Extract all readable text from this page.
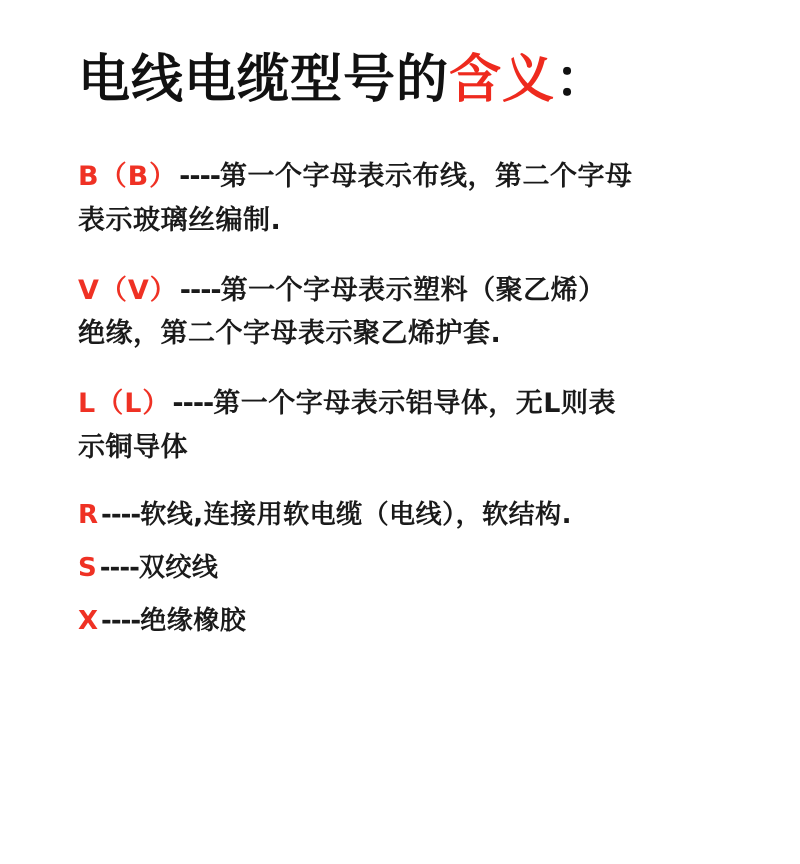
电线电缆型号的含义：
B（B）----第一个字母表示布线，第二个字母
表示玻璃丝编制.
V（V）----第一个字母表示塑料（聚乙烯）
绝缘，第二个字母表示聚乙烯护套.
L（L）----第一个字母表示铝导体，无L则表
示铜导体
R----软线,连接用软电缆（电线），软结构.
S----双绞线
X----绝缘橡胶
